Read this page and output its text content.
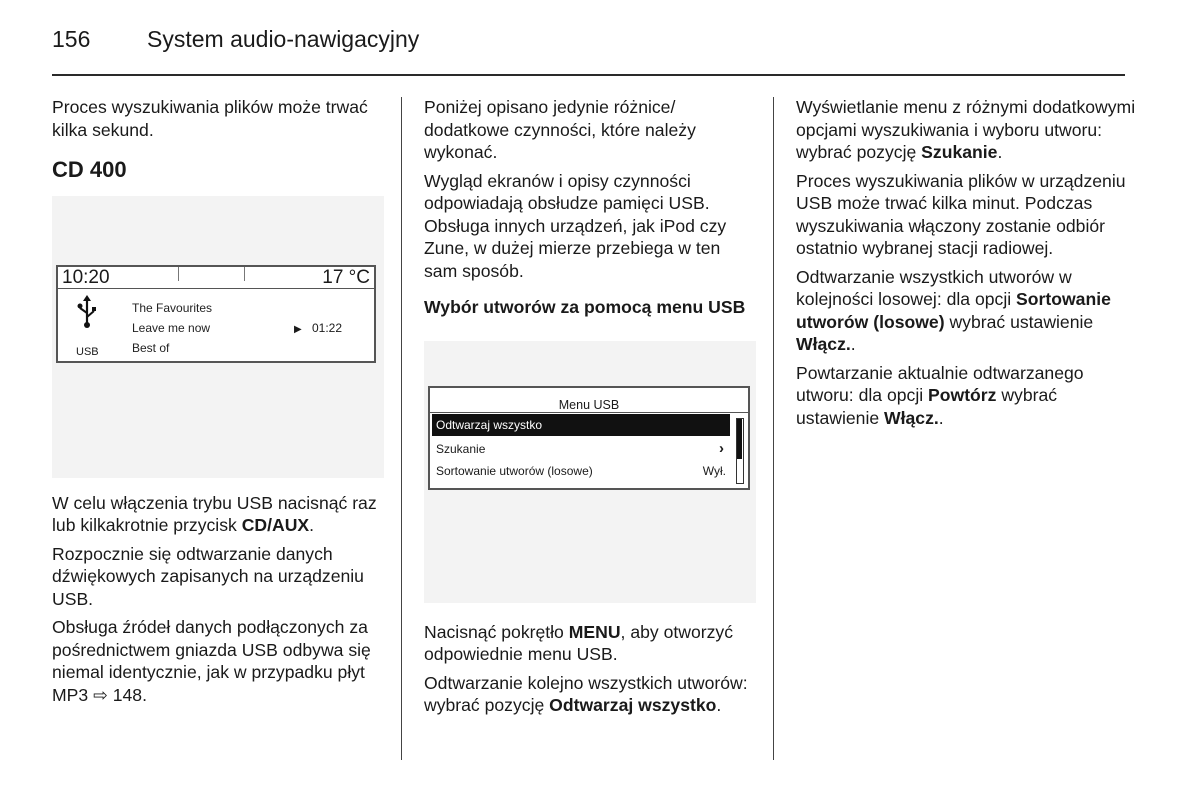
156 System audio-nawigacyjny

Proces wyszukiwania plików może trwać kilka sekund.

CD 400
10:20	17 °C
USB
The Favourites
Leave me now
Best of
▶ 01:22

W celu włączenia trybu USB nacisnąć raz lub kilkakrotnie przycisk CD/AUX.

Rozpocznie się odtwarzanie danych dźwiękowych zapisanych na urządzeniu USB.

Obsługa źródeł danych podłączonych za pośrednictwem gniazda USB odbywa się niemal identycznie, jak w przypadku płyt MP3 ⇨ 148.

Poniżej opisano jedynie różnice/ dodatkowe czynności, które należy wykonać.

Wygląd ekranów i opisy czynności odpowiadają obsłudze pamięci USB. Obsługa innych urządzeń, jak iPod czy Zune, w dużej mierze przebiega w ten sam sposób.

Wybór utworów za pomocą menu USB
Menu USB
Odtwarzaj wszystko
Szukanie	›
Sortowanie utworów (losowe)	Wył.

Nacisnąć pokrętło MENU, aby otworzyć odpowiednie menu USB.

Odtwarzanie kolejno wszystkich utworów: wybrać pozycję Odtwarzaj wszystko.

Wyświetlanie menu z różnymi dodatkowymi opcjami wyszukiwania i wyboru utworu: wybrać pozycję Szukanie.

Proces wyszukiwania plików w urządzeniu USB może trwać kilka minut. Podczas wyszukiwania włączony zostanie odbiór ostatnio wybranej stacji radiowej.

Odtwarzanie wszystkich utworów w kolejności losowej: dla opcji Sortowanie utworów (losowe) wybrać ustawienie Włącz..

Powtarzanie aktualnie odtwarzanego utworu: dla opcji Powtórz wybrać ustawienie Włącz..
